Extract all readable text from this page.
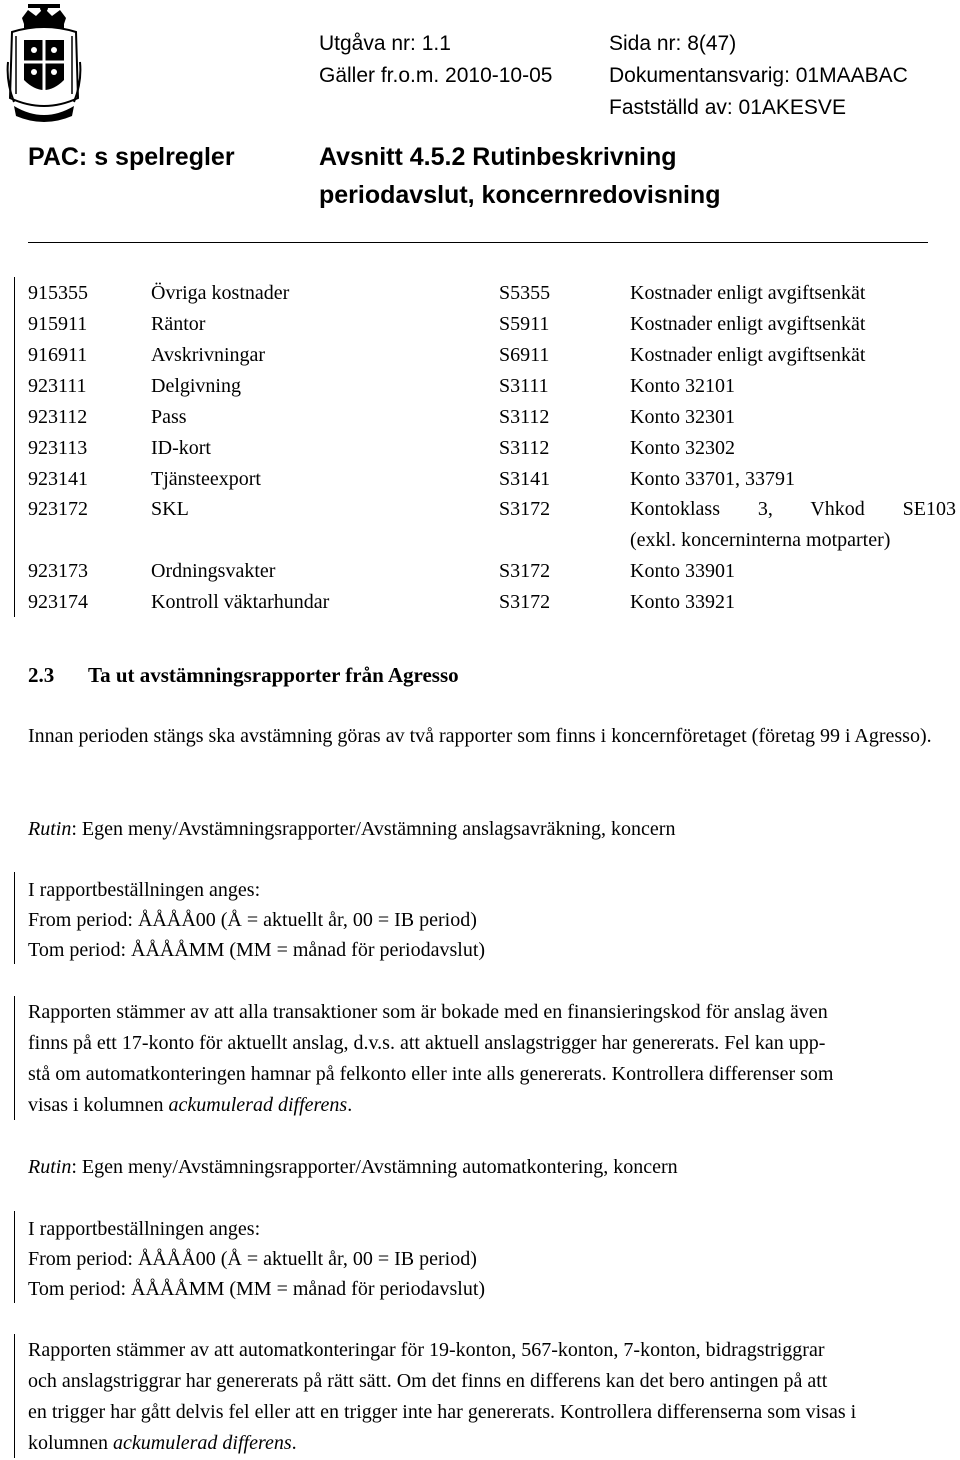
Utgåva nr: 1.1
Gäller fr.o.m. 2010-10-05
Sida nr: 8(47)
Dokumentansvarig: 01MAABAC
Fastställd av: 01AKESVE
PAC: s spelregler	Avsnitt 4.5.2 Rutinbeskrivning
periodavslut, koncernredovisning
915355	Övriga kostnader	S5355	Kostnader enligt avgiftsenkät
915911	Räntor	S5911	Kostnader enligt avgiftsenkät
916911	Avskrivningar	S6911	Kostnader enligt avgiftsenkät
923111	Delgivning	S3111	Konto 32101
923112	Pass	S3112	Konto 32301
923113	ID-kort	S3112	Konto 32302
923141	Tjänsteexport	S3141	Konto 33701, 33791
923172	SKL	S3172	Kontoklass 3, Vhkod SE103
(exkl. koncerninterna motparter)
923173	Ordningsvakter	S3172	Konto 33901
923174	Kontroll väktarhundar	S3172	Konto 33921
2.3 Ta ut avstämningsrapporter från Agresso
Innan perioden stängs ska avstämning göras av två rapporter som finns i koncernföretaget (företag 99 i Agresso).
Rutin: Egen meny/Avstämningsrapporter/Avstämning anslagsavräkning, koncern
I rapportbeställningen anges:
From period: ÅÅÅÅ00 (Å = aktuellt år, 00 = IB period)
Tom period: ÅÅÅÅMM (MM = månad för periodavslut)
Rapporten stämmer av att alla transaktioner som är bokade med en finansieringskod för anslag även
finns på ett 17-konto för aktuellt anslag, d.v.s. att aktuell anslagstrigger har genererats. Fel kan upp-
stå om automatkonteringen hamnar på felkonto eller inte alls genererats. Kontrollera differenser som
visas i kolumnen ackumulerad differens.
Rutin: Egen meny/Avstämningsrapporter/Avstämning automatkontering, koncern
I rapportbeställningen anges:
From period: ÅÅÅÅ00 (Å = aktuellt år, 00 = IB period)
Tom period: ÅÅÅÅMM (MM = månad för periodavslut)
Rapporten stämmer av att automatkonteringar för 19-konton, 567-konton, 7-konton, bidragstriggrar
och anslagstriggrar har genererats på rätt sätt. Om det finns en differens kan det bero antingen på att
en trigger har gått delvis fel eller att en trigger inte har genererats. Kontrollera differenserna som visas i
kolumnen ackumulerad differens.
